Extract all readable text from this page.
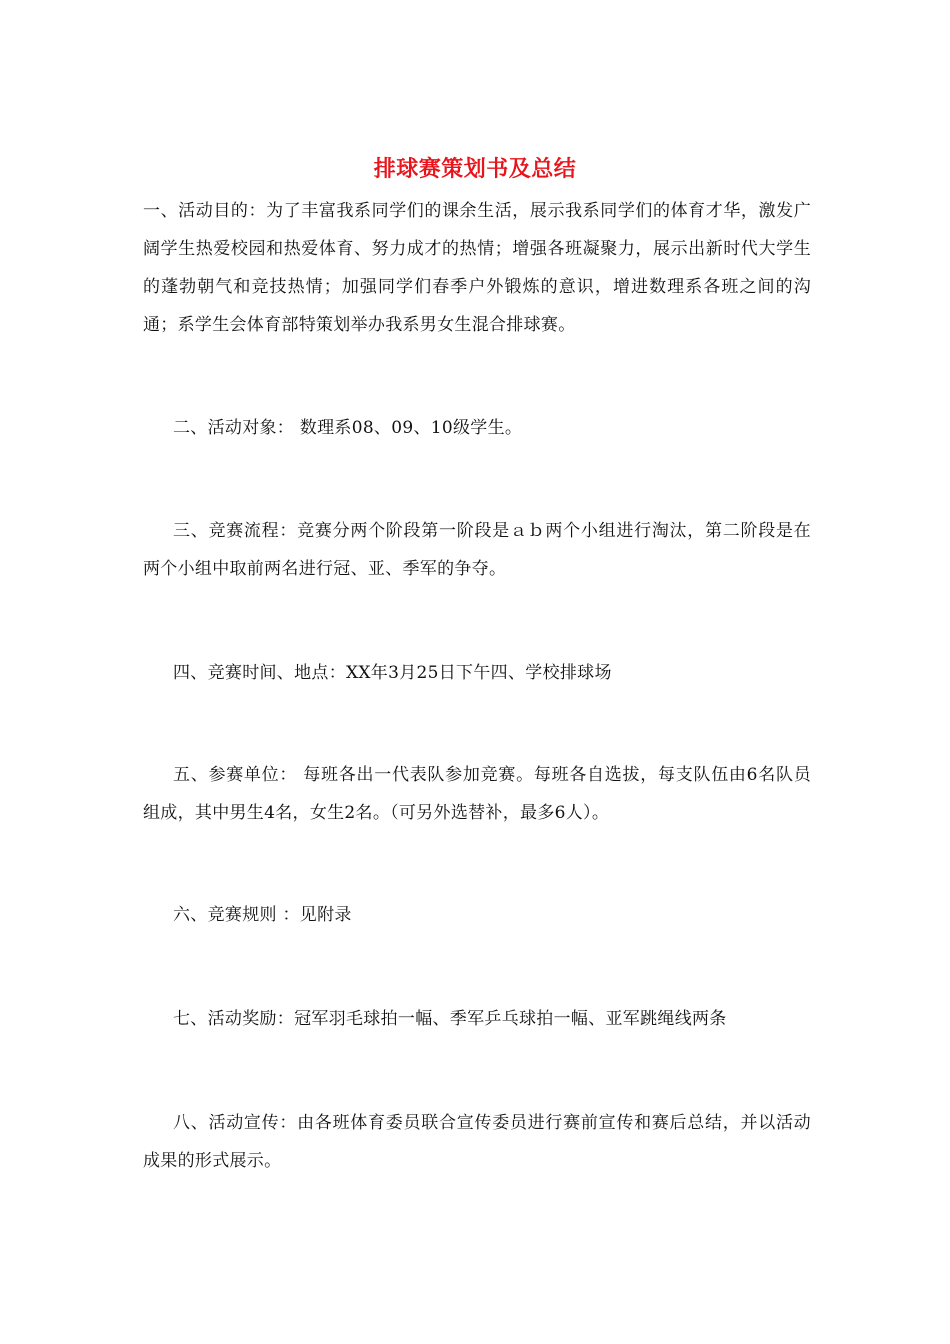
排球赛策划书及总结
一、活动目的：为了丰富我系同学们的课余生活，展示我系同学们的体育才华，激发广阔学生热爱校园和热爱体育、努力成才的热情；增强各班凝聚力，展示出新时代大学生的蓬勃朝气和竞技热情；加强同学们春季户外锻炼的意识，增进数理系各班之间的沟通；系学生会体育部特策划举办我系男女生混合排球赛。
二、活动对象： 数理系08、09、10级学生。
三、竞赛流程：竞赛分两个阶段第一阶段是ａｂ两个小组进行淘汰，第二阶段是在两个小组中取前两名进行冠、亚、季军的争夺。
四、竞赛时间、地点：XX年3月25日下午四、学校排球场
五、参赛单位： 每班各出一代表队参加竞赛。每班各自选拔，每支队伍由6名队员组成，其中男生4名，女生2名。（可另外选替补，最多6人）。
六、竞赛规则 ：见附录
七、活动奖励：冠军羽毛球拍一幅、季军乒乓球拍一幅、亚军跳绳线两条
八、活动宣传：由各班体育委员联合宣传委员进行赛前宣传和赛后总结，并以活动成果的形式展示。
